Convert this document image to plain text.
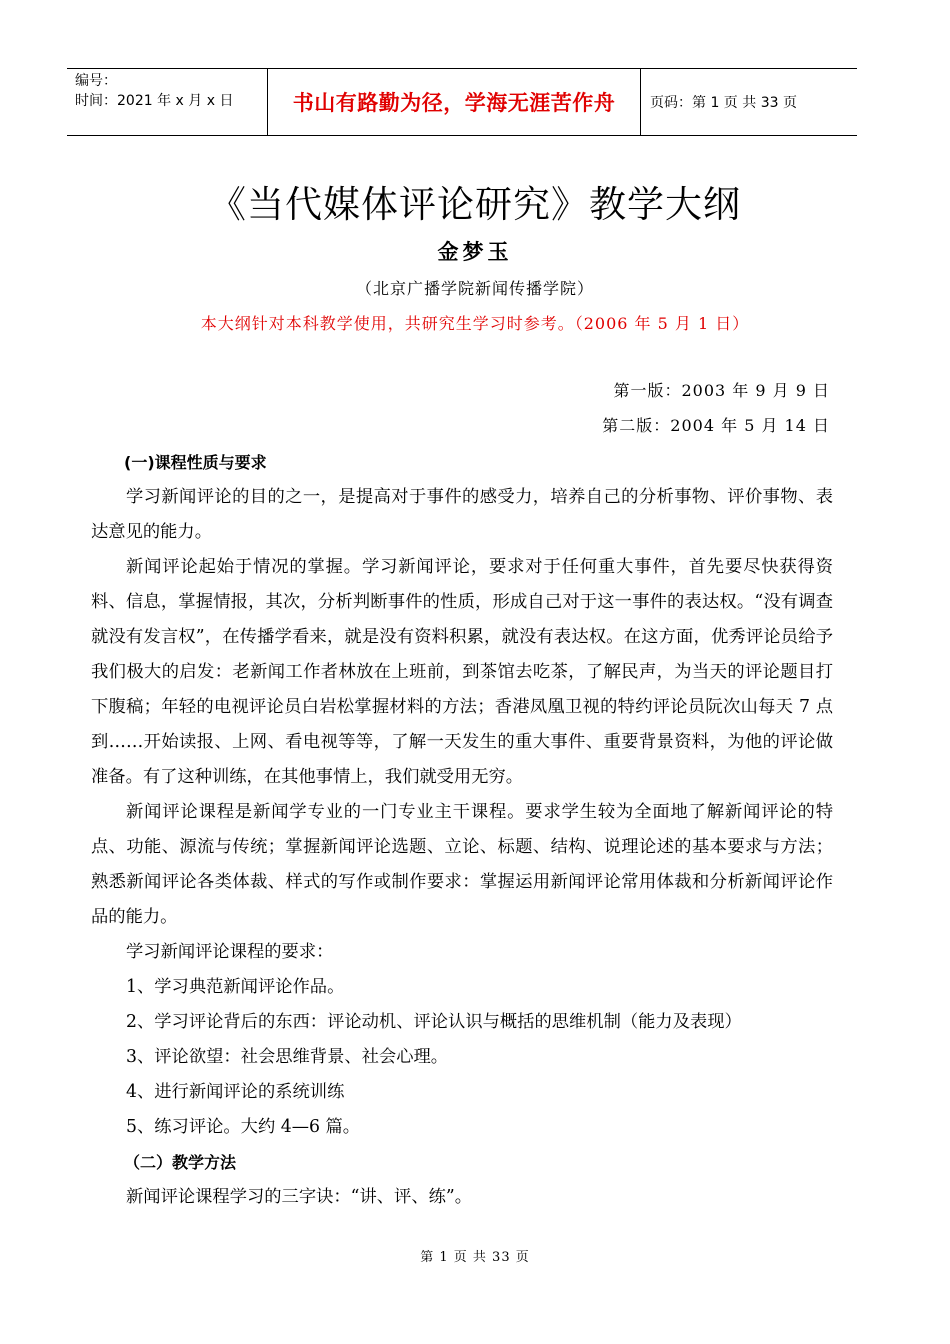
编号：
时间：2021 年 x 月 x 日	书山有路勤为径，学海无涯苦作舟	页码：第 1 页 共 33 页
《当代媒体评论研究》教学大纲
金梦玉
（北京广播学院新闻传播学院）
本大纲针对本科教学使用，共研究生学习时参考。（2006 年 5 月 1 日）
第一版：2003 年 9 月 9 日
第二版：2004 年 5 月 14 日
(一)课程性质与要求

学习新闻评论的目的之一，是提高对于事件的感受力，培养自己的分析事物、评价事物、表达意见的能力。

新闻评论起始于情况的掌握。学习新闻评论，要求对于任何重大事件，首先要尽快获得资料、信息，掌握情报，其次，分析判断事件的性质，形成自己对于这一事件的表达权。“没有调查就没有发言权”，在传播学看来，就是没有资料积累，就没有表达权。在这方面，优秀评论员给予我们极大的启发：老新闻工作者林放在上班前，到茶馆去吃茶，了解民声，为当天的评论题目打下腹稿；年轻的电视评论员白岩松掌握材料的方法；香港凤凰卫视的特约评论员阮次山每天 7 点到……开始读报、上网、看电视等等，了解一天发生的重大事件、重要背景资料，为他的评论做准备。有了这种训练，在其他事情上，我们就受用无穷。

新闻评论课程是新闻学专业的一门专业主干课程。要求学生较为全面地了解新闻评论的特点、功能、源流与传统；掌握新闻评论选题、立论、标题、结构、说理论述的基本要求与方法；熟悉新闻评论各类体裁、样式的写作或制作要求：掌握运用新闻评论常用体裁和分析新闻评论作品的能力。

学习新闻评论课程的要求：

1、学习典范新闻评论作品。

2、学习评论背后的东西：评论动机、评论认识与概括的思维机制（能力及表现）

3、评论欲望：社会思维背景、社会心理。

4、进行新闻评论的系统训练

5、练习评论。大约 4—6 篇。

（二）教学方法

新闻评论课程学习的三字诀：“讲、评、练”。

第 1 页 共 33 页
